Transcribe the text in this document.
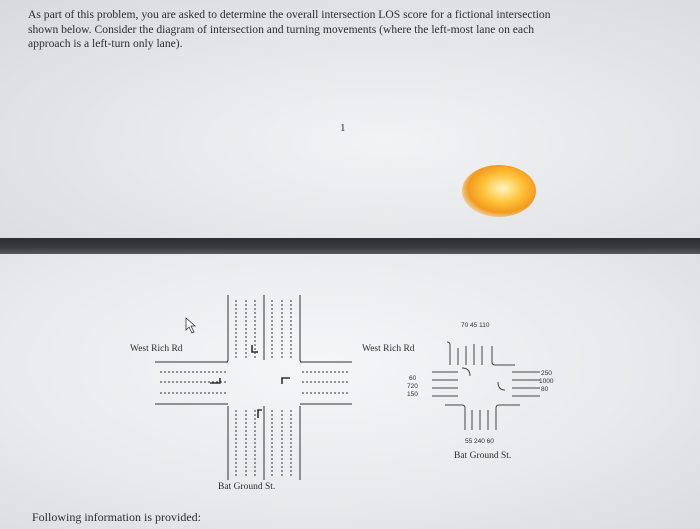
As part of this problem, you are asked to determine the overall intersection LOS score for a fictional intersection

shown below. Consider the diagram of intersection and turning movements (where the left-most lane on each

approach is a left-turn only lane).

1
West Rich Rd
Bat Ground St.
West Rich Rd
70 45 110
250
1000
80
60
720
150
55 240 60
Bat Ground St.
Following information is provided:
